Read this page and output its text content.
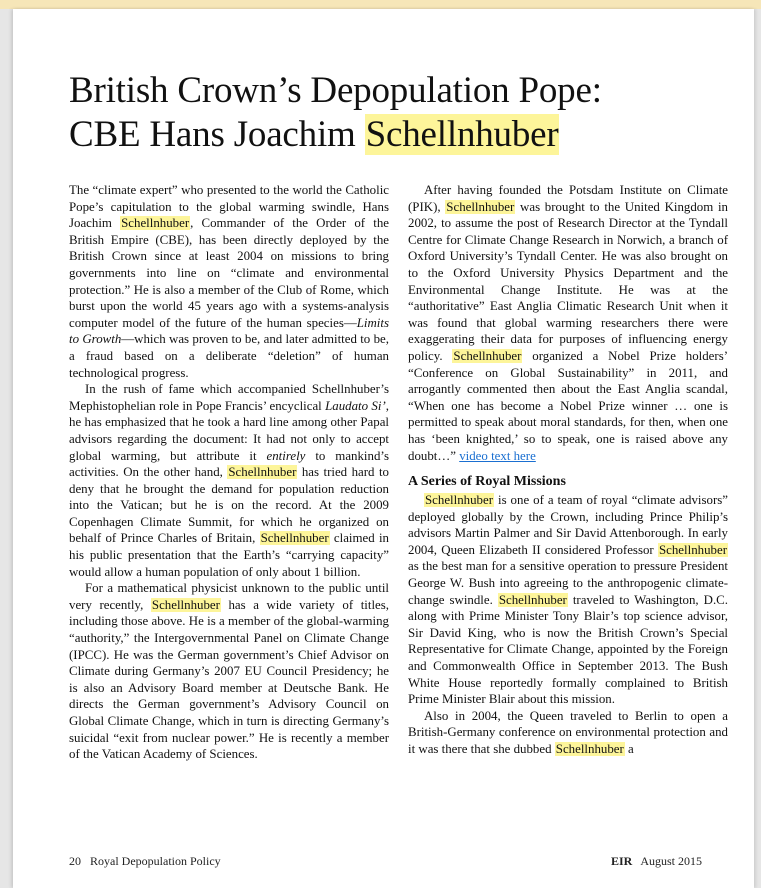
British Crown’s Depopulation Pope:
CBE Hans Joachim Schellnhuber

The “climate expert” who presented to the world the Catholic Pope’s capitulation to the global warming swindle, Hans Joachim Schellnhuber, Commander of the Order of the British Empire (CBE), has been directly deployed by the British Crown since at least 2004 on missions to bring governments into line on “climate and environmental protection.” He is also a member of the Club of Rome, which burst upon the world 45 years ago with a systems-analysis computer model of the future of the human species—Limits to Growth—which was proven to be, and later admitted to be, a fraud based on a deliberate “deletion” of human technological progress.

In the rush of fame which accompanied Schellnhuber’s Mephistophelian role in Pope Francis’ encyclical Laudato Si’, he has emphasized that he took a hard line among other Papal advisors regarding the document: It had not only to accept global warming, but attribute it entirely to mankind’s activities. On the other hand, Schellnhuber has tried hard to deny that he brought the demand for population reduction into the Vatican; but he is on the record. At the 2009 Copenhagen Climate Summit, for which he organized on behalf of Prince Charles of Britain, Schellnhuber claimed in his public presentation that the Earth’s “carrying capacity” would allow a human population of only about 1 billion.

For a mathematical physicist unknown to the public until very recently, Schellnhuber has a wide variety of titles, including those above. He is a member of the global-warming “authority,” the Intergovernmental Panel on Climate Change (IPCC). He was the German government’s Chief Advisor on Climate during Germany’s 2007 EU Council Presidency; he is also an Advisory Board member at Deutsche Bank. He directs the German government’s Advisory Council on Global Climate Change, which in turn is directing Germany’s suicidal “exit from nuclear power.” He is recently a member of the Vatican Academy of Sciences.

After having founded the Potsdam Institute on Climate (PIK), Schellnhuber was brought to the United Kingdom in 2002, to assume the post of Research Director at the Tyndall Centre for Climate Change Research in Norwich, a branch of Oxford University’s Tyndall Center. He was also brought on to the Oxford University Physics Department and the Environmental Change Institute. He was at the “authoritative” East Anglia Climatic Research Unit when it was found that global warming researchers there were exaggerating their data for purposes of influencing energy policy. Schellnhuber organized a Nobel Prize holders’ “Conference on Global Sustainability” in 2011, and arrogantly commented then about the East Anglia scandal, “When one has become a Nobel Prize winner … one is permitted to speak about moral standards, for then, when one has ‘been knighted,’ so to speak, one is raised above any doubt…” video text here

A Series of Royal Missions

Schellnhuber is one of a team of royal “climate advisors” deployed globally by the Crown, including Prince Philip’s advisors Martin Palmer and Sir David Attenborough. In early 2004, Queen Elizabeth II considered Professor Schellnhuber as the best man for a sensitive operation to pressure President George W. Bush into agreeing to the anthropogenic climate-change swindle. Schellnhuber traveled to Washington, D.C. along with Prime Minister Tony Blair’s top science advisor, Sir David King, who is now the British Crown’s Special Representative for Climate Change, appointed by the Foreign and Commonwealth Office in September 2013. The Bush White House reportedly formally complained to British Prime Minister Blair about this mission.

Also in 2004, the Queen traveled to Berlin to open a British-Germany conference on environmental protection and it was there that she dubbed Schellnhuber a

20 Royal Depopulation Policy	EIR August 2015
